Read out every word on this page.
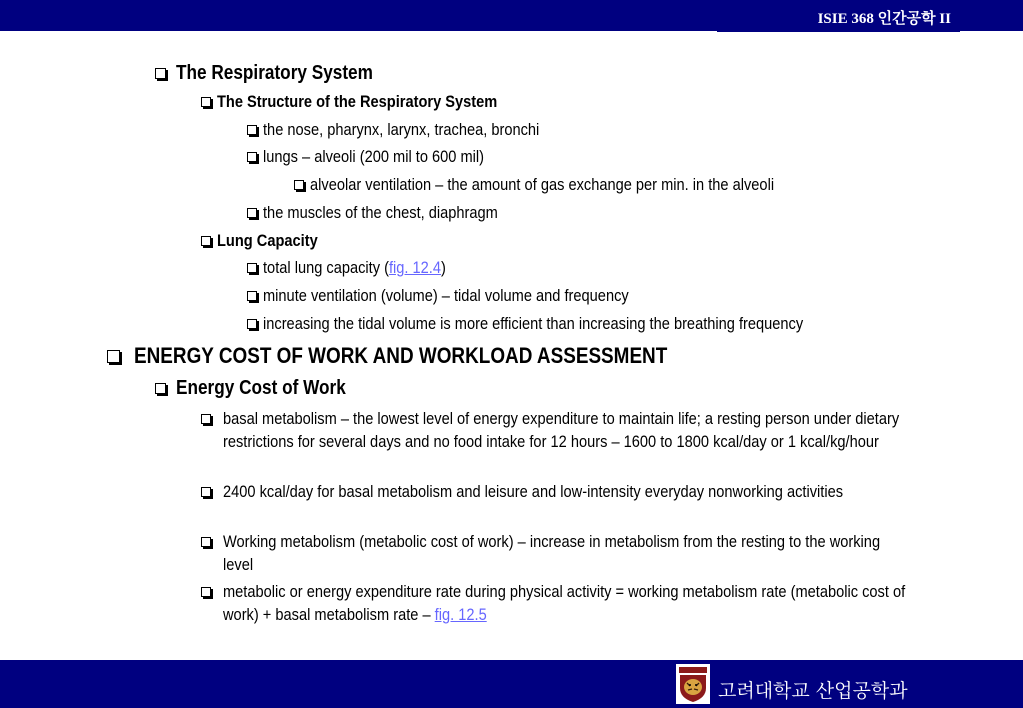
ISIE 368 인간공학 II
The Respiratory System
The Structure of the Respiratory System
the nose, pharynx, larynx, trachea, bronchi
lungs – alveoli (200 mil to 600 mil)
alveolar ventilation – the amount of gas exchange per min. in the alveoli
the muscles of the chest, diaphragm
Lung Capacity
total lung capacity (fig. 12.4)
minute ventilation (volume) – tidal volume and frequency
increasing the tidal volume is more efficient than increasing the breathing frequency
ENERGY COST OF WORK AND WORKLOAD ASSESSMENT
Energy Cost of Work
basal metabolism – the lowest level of energy expenditure to maintain life; a resting person under dietary restrictions for several days and no food intake for 12 hours – 1600 to 1800 kcal/day or 1 kcal/kg/hour
2400 kcal/day for basal metabolism and leisure and low-intensity everyday nonworking activities
Working metabolism (metabolic cost of work) – increase in metabolism from the resting to the working level
metabolic or energy expenditure rate during physical activity = working metabolism rate (metabolic cost of work) + basal metabolism rate – fig. 12.5
고려대학교 산업공학과
